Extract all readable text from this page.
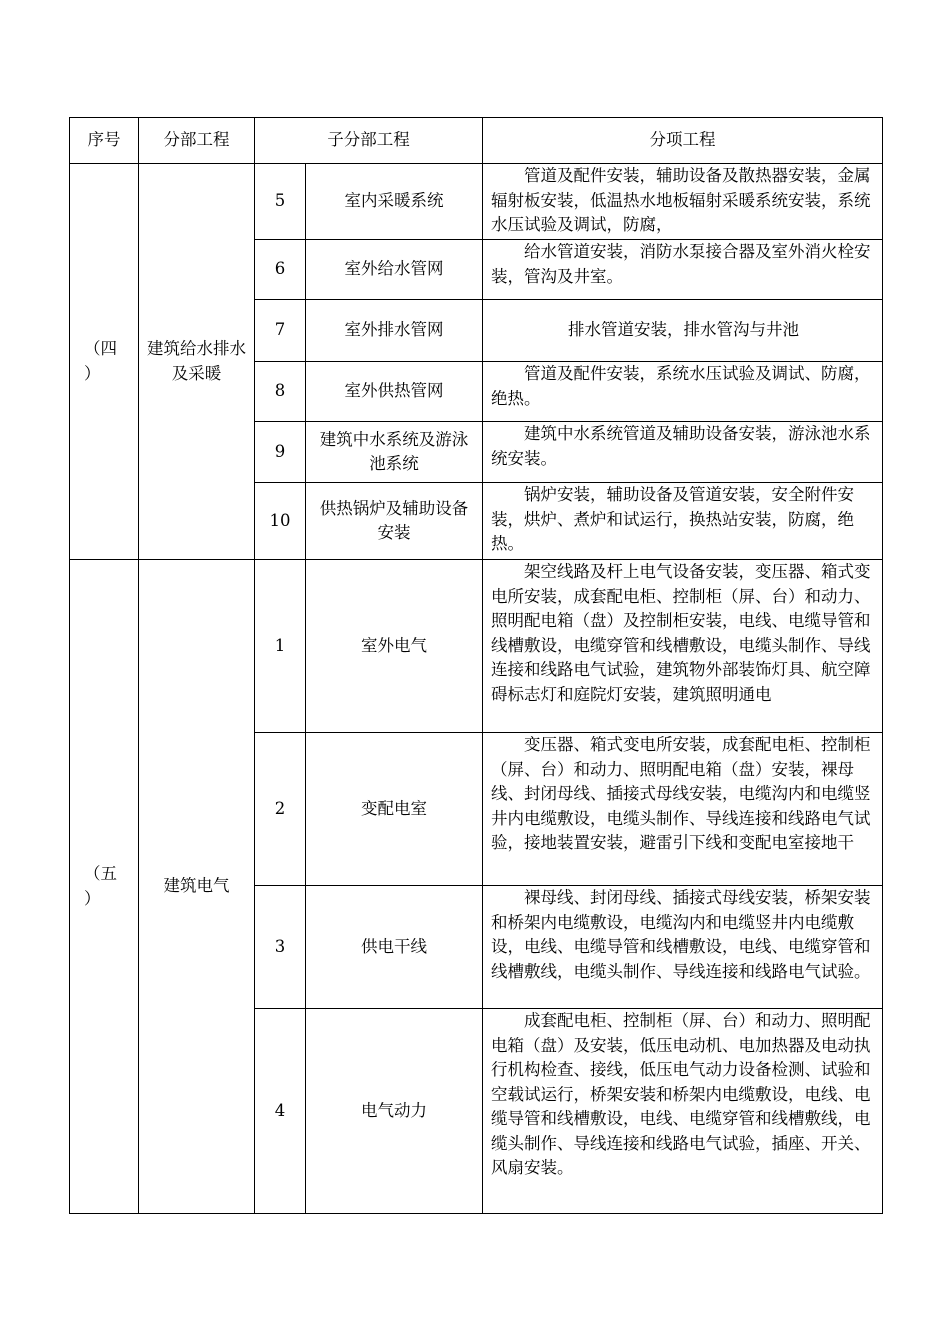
序号	分部工程	子分部工程		分项工程
（四
）	建筑给水排水及采暖	5	室内采暖系统	管道及配件安装，辅助设备及散热器安装，金属辐射板安装，低温热水地板辐射采暖系统安装，系统水压试验及调试，防腐，

		6	室外给水管网	给水管道安装，消防水泵接合器及室外消火栓安装，管沟及井室。

		7	室外排水管网	排水管道安装，排水管沟与井池

		8	室外供热管网	管道及配件安装，系统水压试验及调试、防腐，绝热。

		9	建筑中水系统及游泳池系统	建筑中水系统管道及辅助设备安装，游泳池水系统安装。

		10	供热锅炉及辅助设备安装	锅炉安装，辅助设备及管道安装，安全附件安装，烘炉、煮炉和试运行，换热站安装，防腐，绝热。

（五
）	建筑电气	1	室外电气	架空线路及杆上电气设备安装，变压器、箱式变电所安装，成套配电柜、控制柜（屏、台）和动力、照明配电箱（盘）及控制柜安装，电线、电缆导管和线槽敷设，电缆穿管和线槽敷设，电缆头制作、导线连接和线路电气试验，建筑物外部装饰灯具、航空障碍标志灯和庭院灯安装，建筑照明通电

		2	变配电室	变压器、箱式变电所安装，成套配电柜、控制柜（屏、台）和动力、照明配电箱（盘）安装，裸母线、封闭母线、插接式母线安装，电缆沟内和电缆竖井内电缆敷设，电缆头制作、导线连接和线路电气试验，接地装置安装，避雷引下线和变配电室接地干

		3	供电干线	裸母线、封闭母线、插接式母线安装，桥架安装和桥架内电缆敷设，电缆沟内和电缆竖井内电缆敷设，电线、电缆导管和线槽敷设，电线、电缆穿管和线槽敷线，电缆头制作、导线连接和线路电气试验。

		4	电气动力	成套配电柜、控制柜（屏、台）和动力、照明配电箱（盘）及安装，低压电动机、电加热器及电动执行机构检查、接线，低压电气动力设备检测、试验和空载试运行，桥架安装和桥架内电缆敷设，电线、电缆导管和线槽敷设，电线、电缆穿管和线槽敷线，电缆头制作、导线连接和线路电气试验，插座、开关、风扇安装。
